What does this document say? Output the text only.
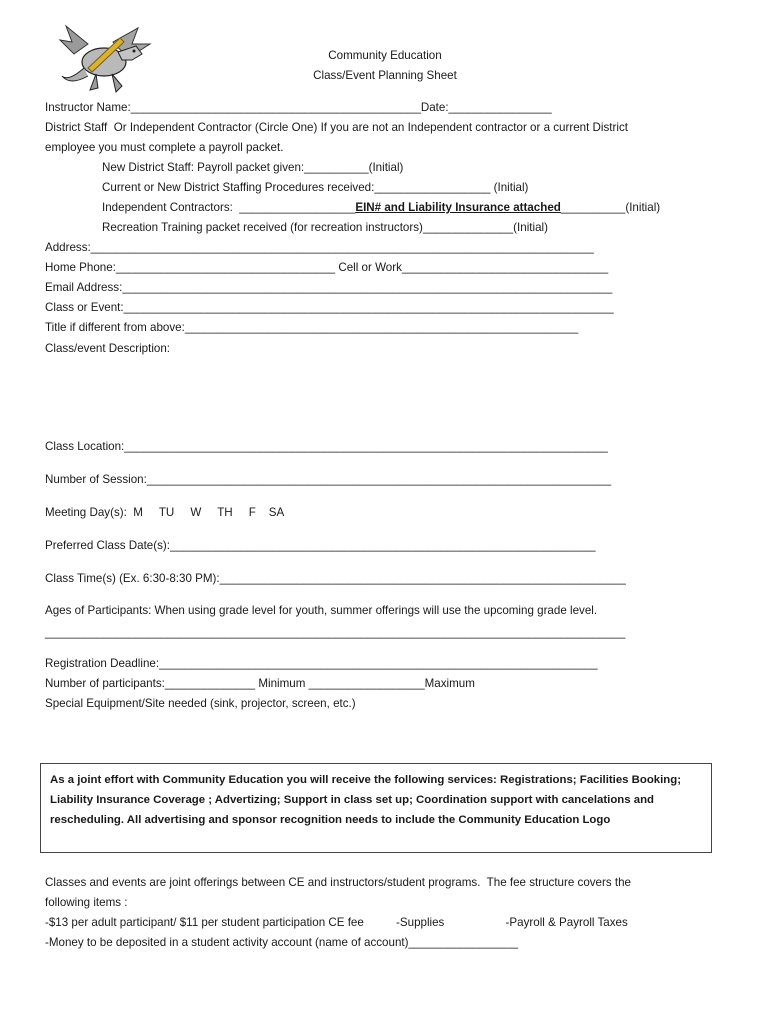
Community Education
Class/Event Planning Sheet
Instructor Name:_____________________________________________Date:________________
District Staff  Or Independent Contractor (Circle One) If you are not an Independent contractor or a current District
employee you must complete a payroll packet.
New District Staff: Payroll packet given:__________(Initial)
Current or New District Staffing Procedures received:__________________ (Initial)
Independent Contractors:  __________________EIN# and Liability Insurance attached__________(Initial)
Recreation Training packet received (for recreation instructors)______________(Initial)
Address:______________________________________________________________________________
Home Phone:__________________________________ Cell or Work________________________________
Email Address:____________________________________________________________________________
Class or Event:____________________________________________________________________________
Title if different from above:_____________________________________________________________
Class/event Description:
Class Location:___________________________________________________________________________
Number of Session:________________________________________________________________________
Meeting Day(s):  M     TU     W     TH     F    SA
Preferred Class Date(s):__________________________________________________________________
Class Time(s) (Ex. 6:30-8:30 PM):_______________________________________________________________
Ages of Participants: When using grade level for youth, summer offerings will use the upcoming grade level.
__________________________________________________________________________________________
Registration Deadline:____________________________________________________________________
Number of participants:______________ Minimum __________________Maximum
Special Equipment/Site needed (sink, projector, screen, etc.)
As a joint effort with Community Education you will receive the following services: Registrations; Facilities Booking; Liability Insurance Coverage ; Advertizing; Support in class set up; Coordination support with cancelations and rescheduling. All advertising and sponsor recognition needs to include the Community Education Logo
Classes and events are joint offerings between CE and instructors/student programs.  The fee structure covers the
following items :
-$13 per adult participant/ $11 per student participation CE fee          -Supplies                   -Payroll & Payroll Taxes
-Money to be deposited in a student activity account (name of account)_________________
